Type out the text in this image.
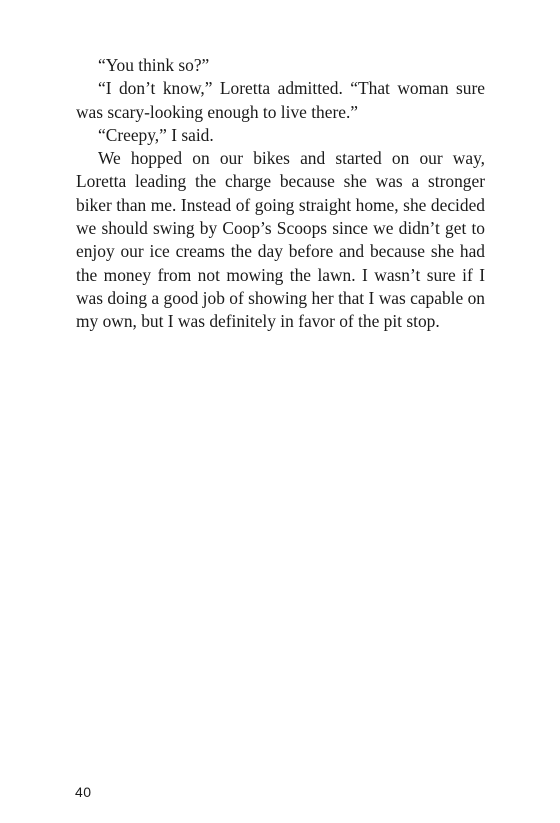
“You think so?”

“I don’t know,” Loretta admitted. “That woman sure was scary-looking enough to live there.”

“Creepy,” I said.

We hopped on our bikes and started on our way, Loretta leading the charge because she was a stronger biker than me. Instead of going straight home, she decided we should swing by Coop’s Scoops since we didn’t get to enjoy our ice creams the day before and because she had the money from not mowing the lawn. I wasn’t sure if I was doing a good job of showing her that I was capable on my own, but I was definitely in favor of the pit stop.

40
